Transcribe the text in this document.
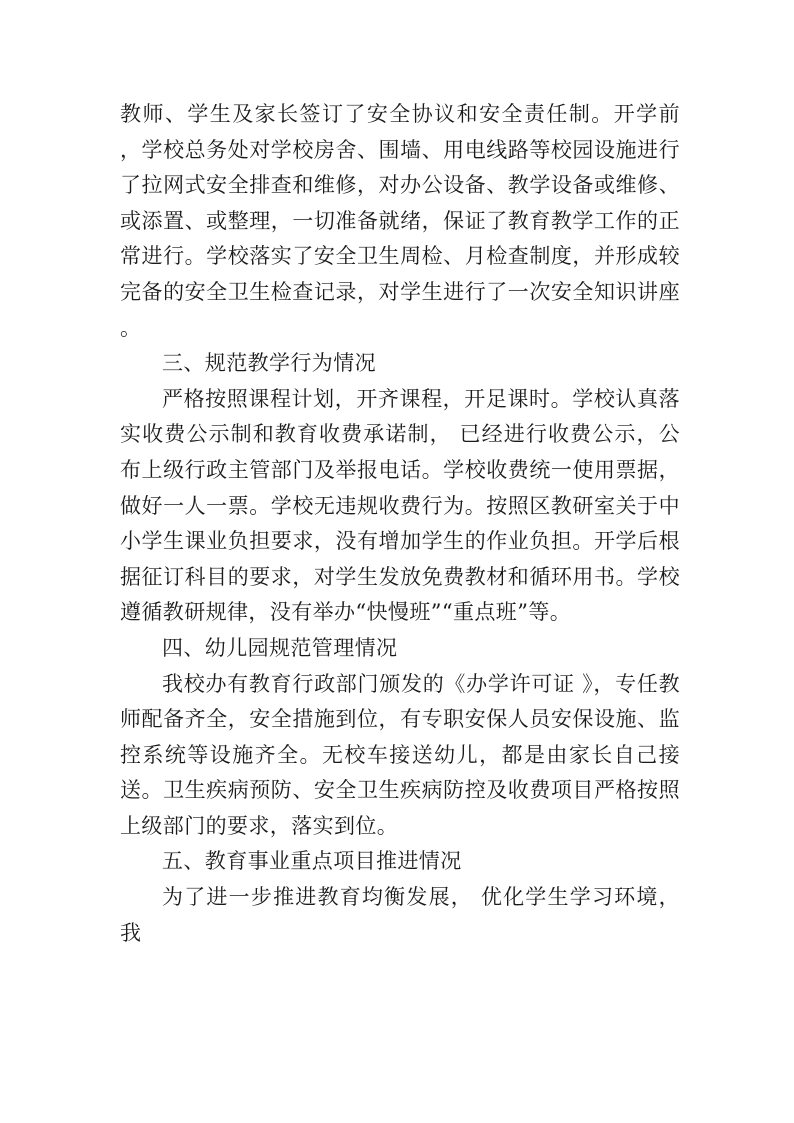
教师、学生及家长签订了安全协议和安全责任制。开学前 ，学校总务处对学校房舍、围墙、用电线路等校园设施进行了拉网式安全排查和维修，对办公设备、教学设备或维修、或添置、或整理，一切准备就绪，保证了教育教学工作的正常进行。学校落实了安全卫生周检、月检查制度，并形成较完备的安全卫生检查记录，对学生进行了一次安全知识讲座 。

三、规范教学行为情况

严格按照课程计划，开齐课程，开足课时。学校认真落实收费公示制和教育收费承诺制， 已经进行收费公示，公布上级行政主管部门及举报电话。学校收费统一使用票据，做好一人一票。学校无违规收费行为。按照区教研室关于中小学生课业负担要求，没有增加学生的作业负担。开学后根据征订科目的要求，对学生发放免费教材和循环用书。学校遵循教研规律，没有举办“快慢班”“重点班”等。

四、幼儿园规范管理情况

我校办有教育行政部门颁发的《办学许可证 》，专任教师配备齐全，安全措施到位，有专职安保人员安保设施、监控系统等设施齐全。无校车接送幼儿，都是由家长自己接送。卫生疾病预防、安全卫生疾病防控及收费项目严格按照上级部门的要求，落实到位。

五、教育事业重点项目推进情况

为了进一步推进教育均衡发展， 优化学生学习环境，我
